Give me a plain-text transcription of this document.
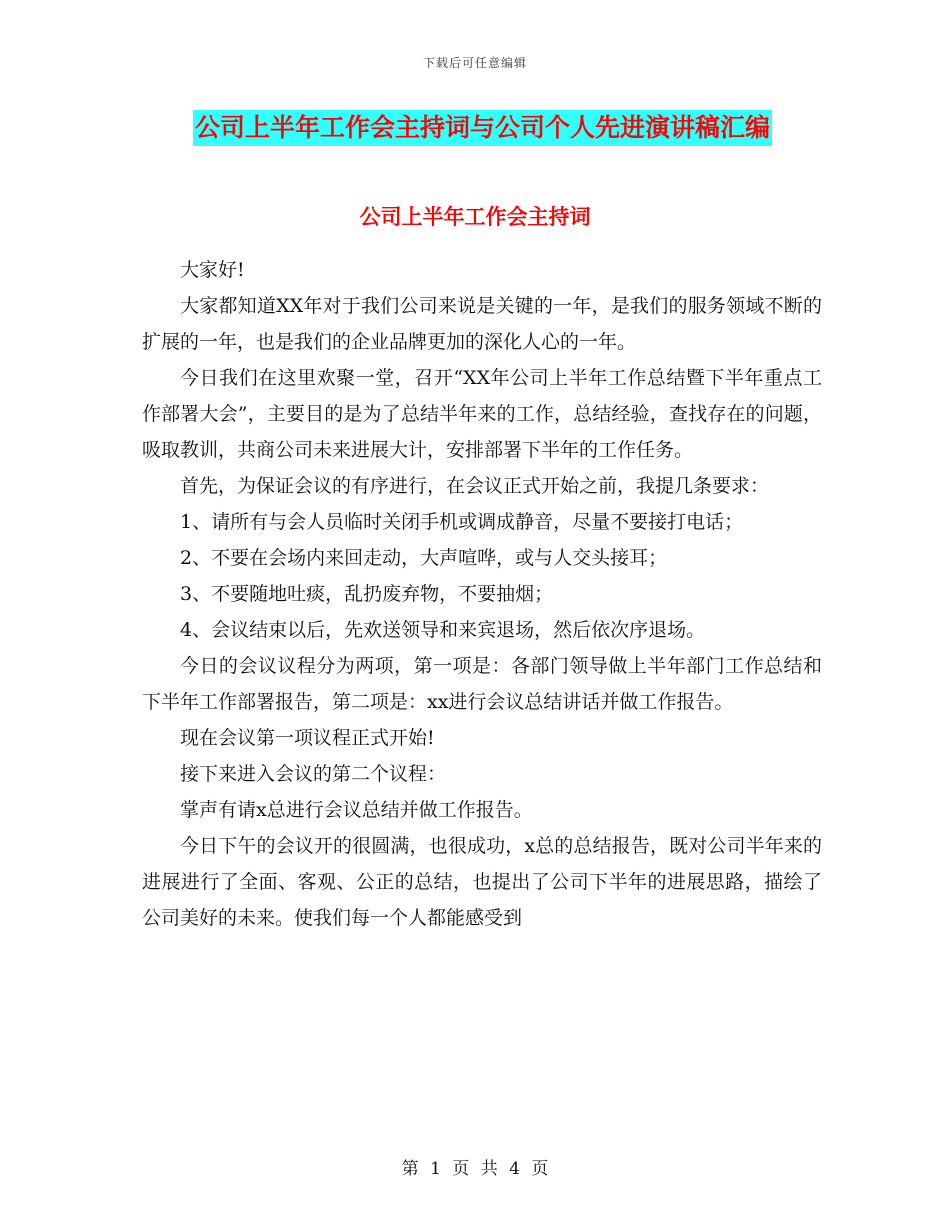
下载后可任意编辑
公司上半年工作会主持词与公司个人先进演讲稿汇编
公司上半年工作会主持词

大家好!

大家都知道XX年对于我们公司来说是关键的一年，是我们的服务领域不断的扩展的一年，也是我们的企业品牌更加的深化人心的一年。

今日我们在这里欢聚一堂，召开“XX年公司上半年工作总结暨下半年重点工作部署大会”，主要目的是为了总结半年来的工作，总结经验，查找存在的问题，吸取教训，共商公司未来进展大计，安排部署下半年的工作任务。

首先，为保证会议的有序进行，在会议正式开始之前，我提几条要求：

1、请所有与会人员临时关闭手机或调成静音，尽量不要接打电话；

2、不要在会场内来回走动，大声喧哗，或与人交头接耳；

3、不要随地吐痰，乱扔废弃物，不要抽烟；

4、会议结束以后，先欢送领导和来宾退场，然后依次序退场。

今日的会议议程分为两项，第一项是：各部门领导做上半年部门工作总结和下半年工作部署报告，第二项是：xx进行会议总结讲话并做工作报告。

现在会议第一项议程正式开始!

接下来进入会议的第二个议程：

掌声有请x总进行会议总结并做工作报告。

今日下午的会议开的很圆满，也很成功，x总的总结报告，既对公司半年来的进展进行了全面、客观、公正的总结，也提出了公司下半年的进展思路，描绘了公司美好的未来。使我们每一个人都能感受到

第 1 页 共 4 页
